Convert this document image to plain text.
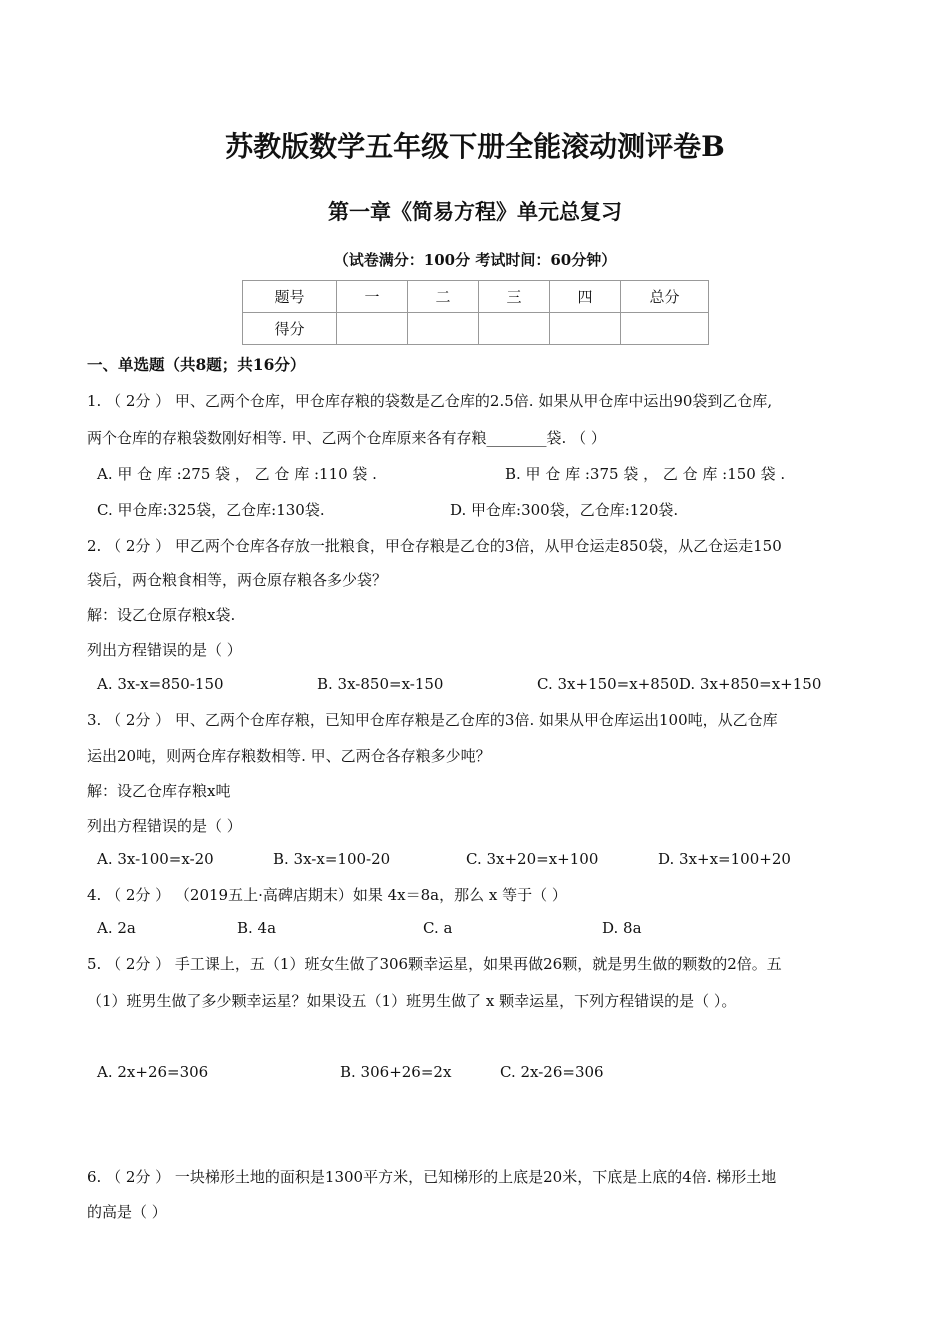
苏教版数学五年级下册全能滚动测评卷B
第一章《简易方程》单元总复习
（试卷满分：100分 考试时间：60分钟）
题号	一	二	三	四	总分
得分					
一、单选题（共8题；共16分）
1. （ 2分 ） 甲、乙两个仓库，甲仓库存粮的袋数是乙仓库的2.5倍. 如果从甲仓库中运出90袋到乙仓库,
两个仓库的存粮袋数刚好相等. 甲、乙两个仓库原来各有存粮________袋. （ ）
A. 甲 仓 库 :275 袋 ， 乙 仓 库 :110 袋 .	B. 甲 仓 库 :375 袋 ， 乙 仓 库 :150 袋 .
C. 甲仓库:325袋，乙仓库:130袋.	D. 甲仓库:300袋，乙仓库:120袋.
2. （ 2分 ） 甲乙两个仓库各存放一批粮食，甲仓存粮是乙仓的3倍，从甲仓运走850袋，从乙仓运走150
袋后，两仓粮食相等，两仓原存粮各多少袋？
解：设乙仓原存粮x袋.
列出方程错误的是（ ）
A. 3x-x=850-150	B. 3x-850=x-150	C. 3x+150=x+850D. 3x+850=x+150
3. （ 2分 ） 甲、乙两个仓库存粮，已知甲仓库存粮是乙仓库的3倍. 如果从甲仓库运出100吨，从乙仓库
运出20吨，则两仓库存粮数相等. 甲、乙两仓各存粮多少吨？
解：设乙仓库存粮x吨
列出方程错误的是（ ）
A. 3x-100=x-20	B. 3x-x=100-20	C. 3x+20=x+100	D. 3x+x=100+20
4. （ 2分 ） （2019五上·高碑店期末）如果 4x＝8a，那么 x 等于（ ）
A. 2a	B. 4a	C. a	D. 8a
5. （ 2分 ） 手工课上，五（1）班女生做了306颗幸运星，如果再做26颗，就是男生做的颗数的2倍。五
（1）班男生做了多少颗幸运星？如果设五（1）班男生做了 x 颗幸运星，下列方程错误的是（ ）。
A. 2x+26=306	B. 306+26=2x	C. 2x-26=306
6. （ 2分 ） 一块梯形土地的面积是1300平方米，已知梯形的上底是20米，下底是上底的4倍. 梯形土地
的高是（ ）
